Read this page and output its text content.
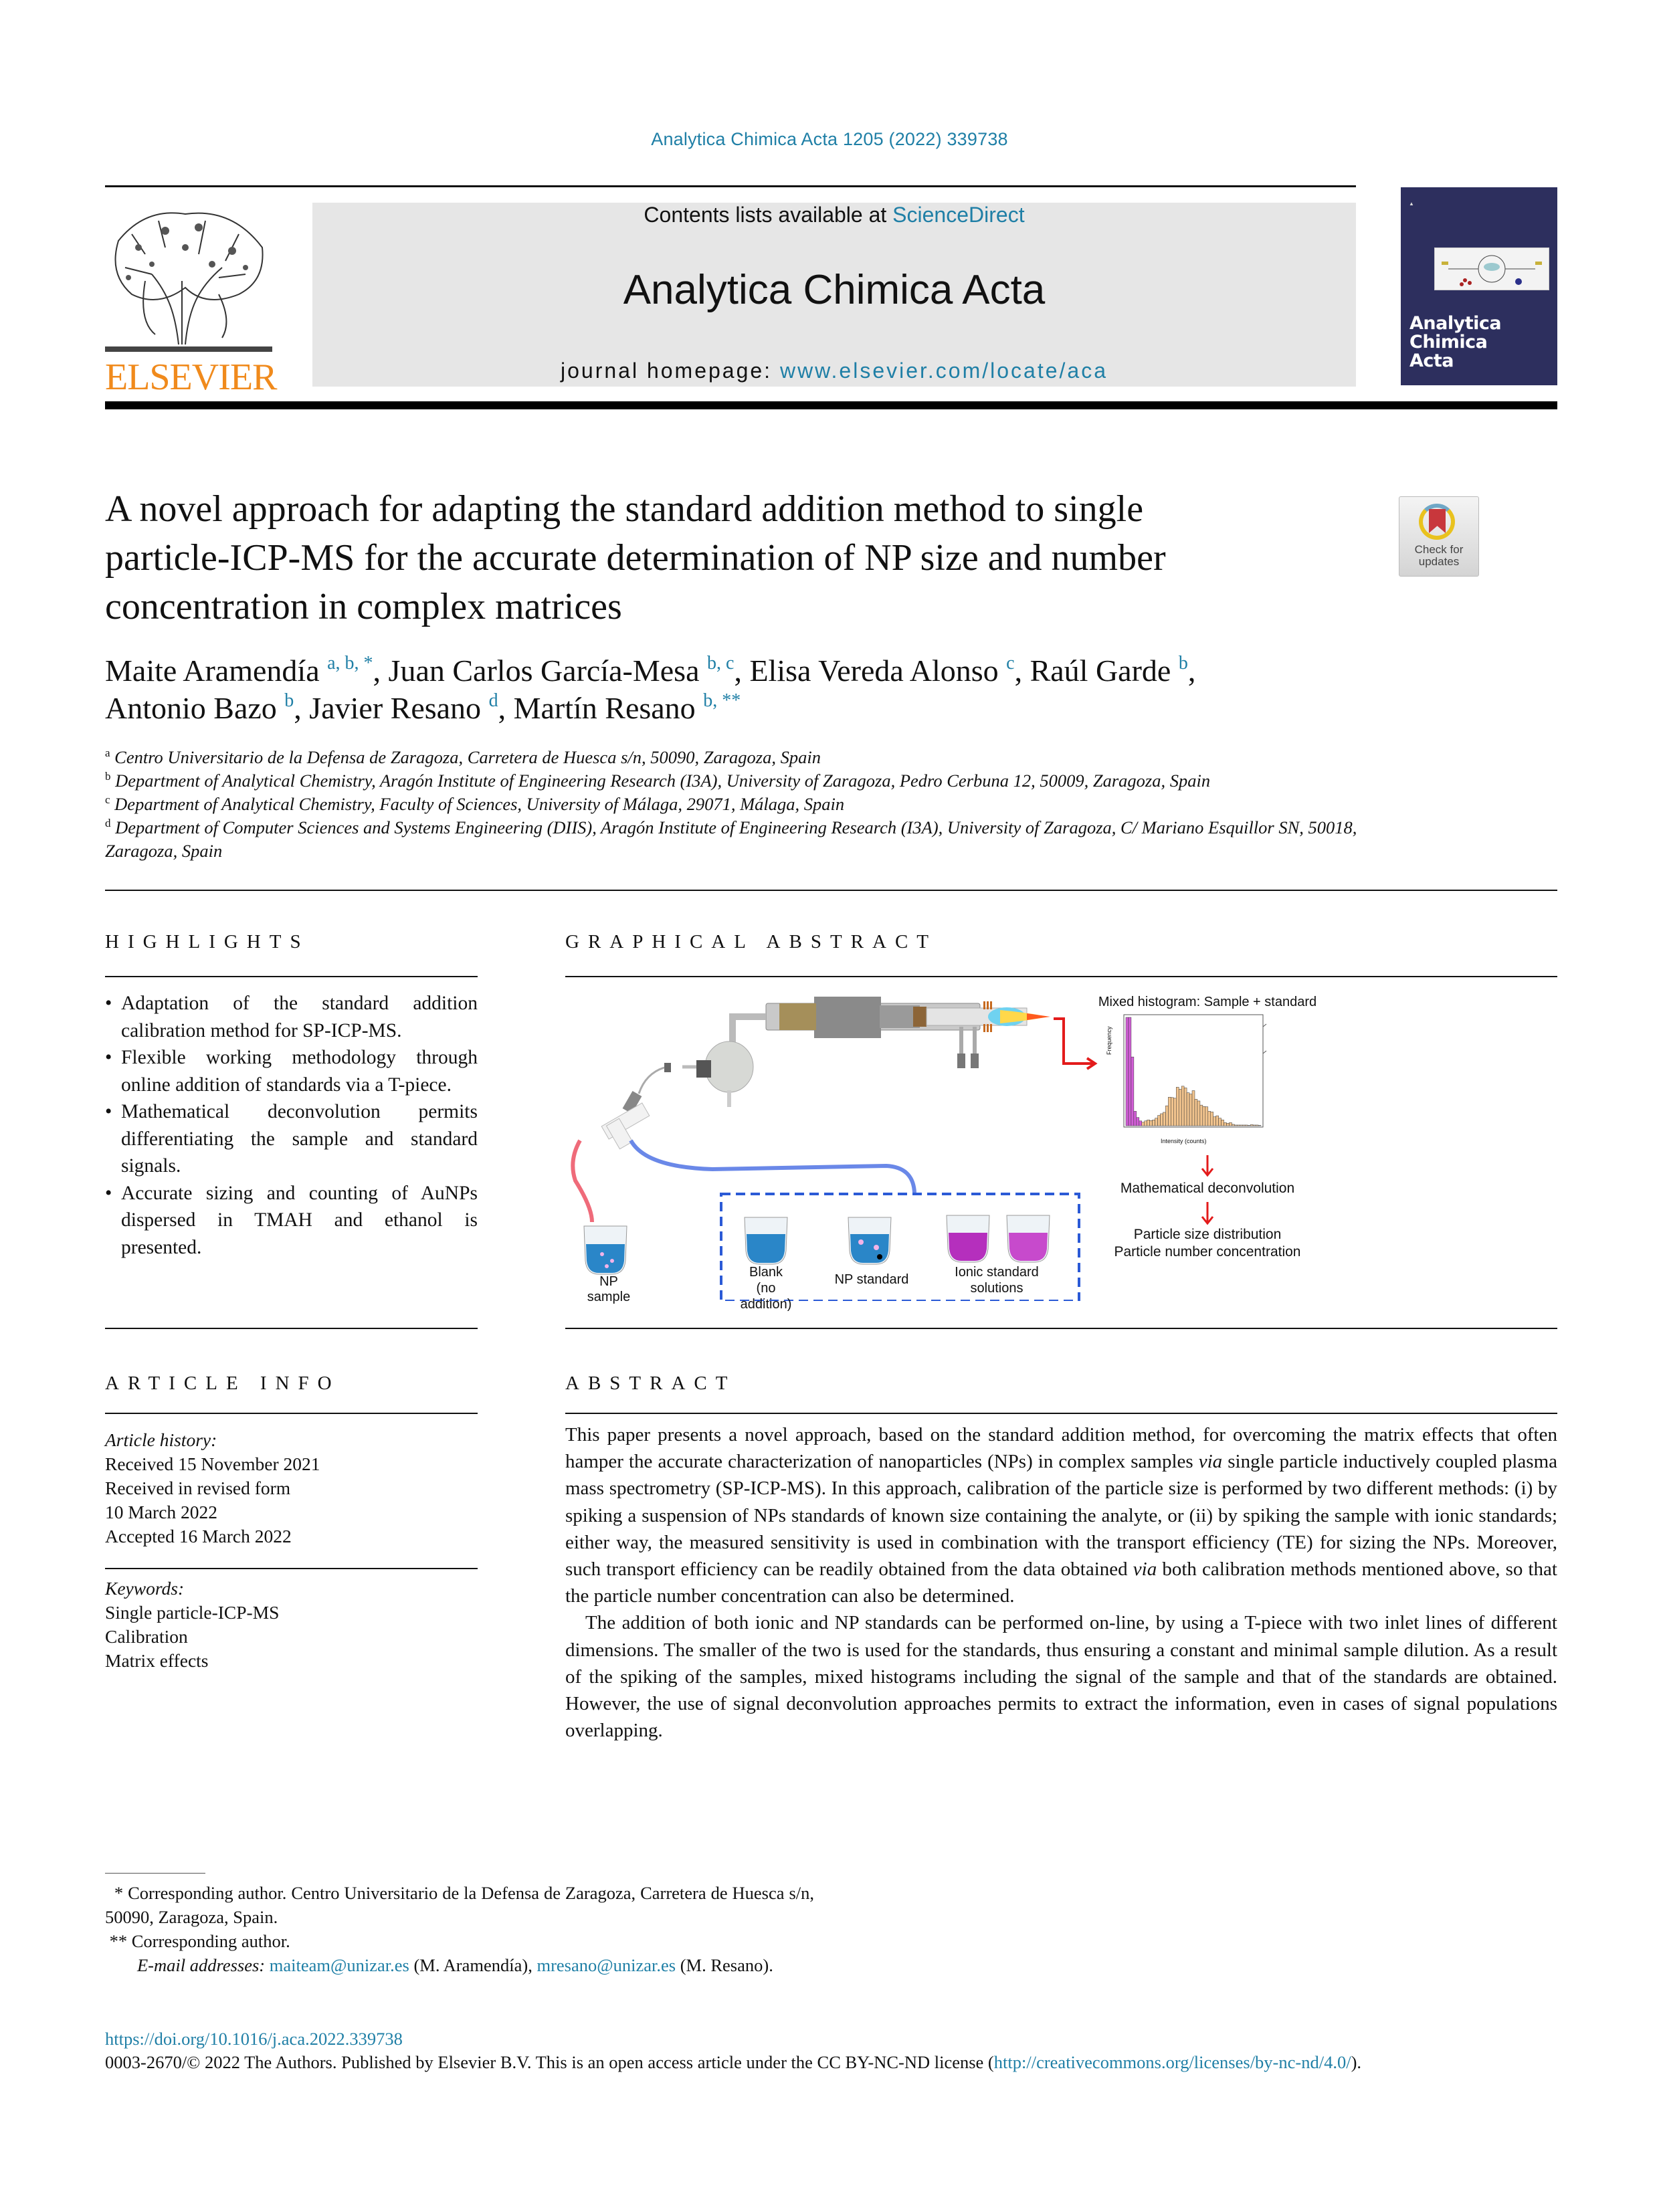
Analytica Chimica Acta 1205 (2022) 339738
ELSEVIER
Contents lists available at ScienceDirect
Analytica Chimica Acta
journal homepage: www.elsevier.com/locate/aca
▲
Analytica
Chimica
Acta
A novel approach for adapting the standard addition method to single
particle-ICP-MS for the accurate determination of NP size and number
concentration in complex matrices
Check for
updates
Maite Aramendía $^{a, b, *}$, Juan Carlos García-Mesa $^{b, c}$, Elisa Vereda Alonso $^c$, Raúl Garde $^b$,
Antonio Bazo $^b$, Javier Resano $^d$, Martín Resano $^{b, **}$
$^a$ Centro Universitario de la Defensa de Zaragoza, Carretera de Huesca s/n, 50090, Zaragoza, Spain
$^b$ Department of Analytical Chemistry, Aragón Institute of Engineering Research (I3A), University of Zaragoza, Pedro Cerbuna 12, 50009, Zaragoza, Spain
$^c$ Department of Analytical Chemistry, Faculty of Sciences, University of Málaga, 29071, Málaga, Spain
$^d$ Department of Computer Sciences and Systems Engineering (DIIS), Aragón Institute of Engineering Research (I3A), University of Zaragoza, C/ Mariano Esquillor SN, 50018, Zaragoza, Spain
HIGHLIGHTS
• Adaptation of the standard addition calibration method for SP-ICP-MS.
• Flexible working methodology through online addition of standards via a T-piece.
• Mathematical deconvolution permits differentiating the sample and standard signals.
• Accurate sizing and counting of AuNPs dispersed in TMAH and ethanol is presented.
GRAPHICAL ABSTRACT
NP sample
Blank
(no addition)
NP standard	Ionic standard
solutions
Mixed histogram: Sample + standard
Frequency
Intensity (counts)
Mathematical deconvolution
Particle size distribution
Particle number concentration
ARTICLE INFO
Article history:
Received 15 November 2021
Received in revised form
10 March 2022
Accepted 16 March 2022
Keywords:
Single particle-ICP-MS
Calibration
Matrix effects
ABSTRACT

This paper presents a novel approach, based on the standard addition method, for overcoming the matrix effects that often hamper the accurate characterization of nanoparticles (NPs) in complex samples via single particle inductively coupled plasma mass spectrometry (SP-ICP-MS). In this approach, calibration of the particle size is performed by two different methods: (i) by spiking a suspension of NPs standards of known size containing the analyte, or (ii) by spiking the sample with ionic standards; either way, the measured sensitivity is used in combination with the transport efficiency (TE) for sizing the NPs. Moreover, such transport efficiency can be readily obtained from the data obtained via both calibration methods mentioned above, so that the particle number concentration can also be determined.

The addition of both ionic and NP standards can be performed on-line, by using a T-piece with two inlet lines of different dimensions. The smaller of the two is used for the standards, thus ensuring a constant and minimal sample dilution. As a result of the spiking of the samples, mixed histograms including the signal of the sample and that of the standards are obtained. However, the use of signal deconvolution approaches permits to extract the information, even in cases of signal populations overlapping.

* Corresponding author. Centro Universitario de la Defensa de Zaragoza, Carretera de Huesca s/n, 50090, Zaragoza, Spain.
** Corresponding author.
E-mail addresses: maiteam@unizar.es (M. Aramendía), mresano@unizar.es (M. Resano).
https://doi.org/10.1016/j.aca.2022.339738
0003-2670/© 2022 The Authors. Published by Elsevier B.V. This is an open access article under the CC BY-NC-ND license (http://creativecommons.org/licenses/by-nc-nd/4.0/).
